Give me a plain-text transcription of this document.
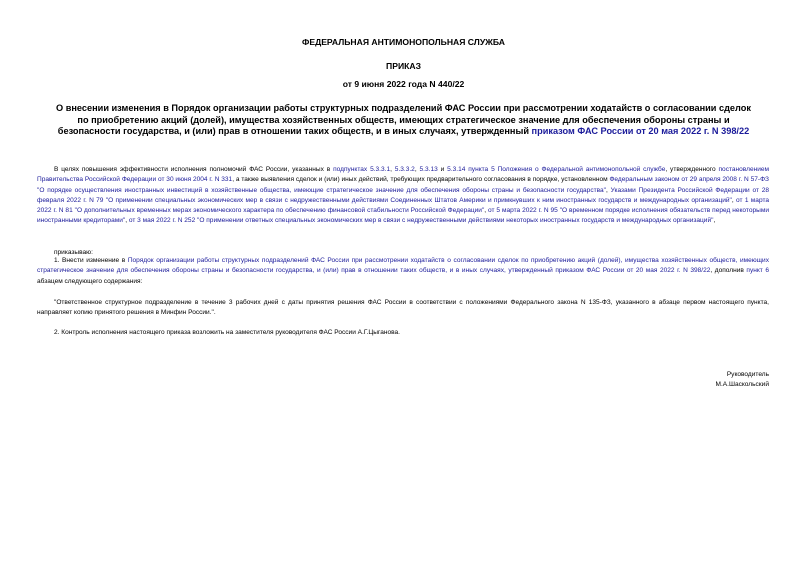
ФЕДЕРАЛЬНАЯ АНТИМОНОПОЛЬНАЯ СЛУЖБА
ПРИКАЗ
от 9 июня 2022 года N 440/22
О внесении изменения в Порядок организации работы структурных подразделений ФАС России при рассмотрении ходатайств о согласовании сделок по приобретению акций (долей), имущества хозяйственных обществ, имеющих стратегическое значение для обеспечения обороны страны и безопасности государства, и (или) прав в отношении таких обществ, и в иных случаях, утвержденный приказом ФАС России от 20 мая 2022 г. N 398/22
В целях повышения эффективности исполнения полномочий ФАС России, указанных в подпунктах 5.3.3.1, 5.3.3.2, 5.3.13 и 5.3.14 пункта 5 Положения о Федеральной антимонопольной службе, утвержденного постановлением Правительства Российской Федерации от 30 июня 2004 г. N 331, а также выявления сделок и (или) иных действий, требующих предварительного согласования в порядке, установленном Федеральным законом от 29 апреля 2008 г. N 57-ФЗ "О порядке осуществления иностранных инвестиций в хозяйственные общества, имеющие стратегическое значение для обеспечения обороны страны и безопасности государства", Указами Президента Российской Федерации от 28 февраля 2022 г. N 79 "О применении специальных экономических мер в связи с недружественными действиями Соединенных Штатов Америки и примкнувших к ним иностранных государств и международных организаций", от 1 марта 2022 г. N 81 "О дополнительных временных мерах экономического характера по обеспечению финансовой стабильности Российской Федерации", от 5 марта 2022 г. N 95 "О временном порядке исполнения обязательств перед некоторыми иностранными кредиторами", от 3 мая 2022 г. N 252 "О применении ответных специальных экономических мер в связи с недружественными действиями некоторых иностранных государств и международных организаций",
приказываю:
1. Внести изменение в Порядок организации работы структурных подразделений ФАС России при рассмотрении ходатайств о согласовании сделок по приобретению акций (долей), имущества хозяйственных обществ, имеющих стратегическое значение для обеспечения обороны страны и безопасности государства, и (или) прав в отношении таких обществ, и в иных случаях, утвержденный приказом ФАС России от 20 мая 2022 г. N 398/22, дополнив пункт 6 абзацем следующего содержания:
"Ответственное структурное подразделение в течение 3 рабочих дней с даты принятия решения ФАС России в соответствии с положениями Федерального закона N 135-ФЗ, указанного в абзаце первом настоящего пункта, направляет копию принятого решения в Минфин России.".
2. Контроль исполнения настоящего приказа возложить на заместителя руководителя ФАС России А.Г.Цыганова.
Руководитель
М.А.Шаскольский
